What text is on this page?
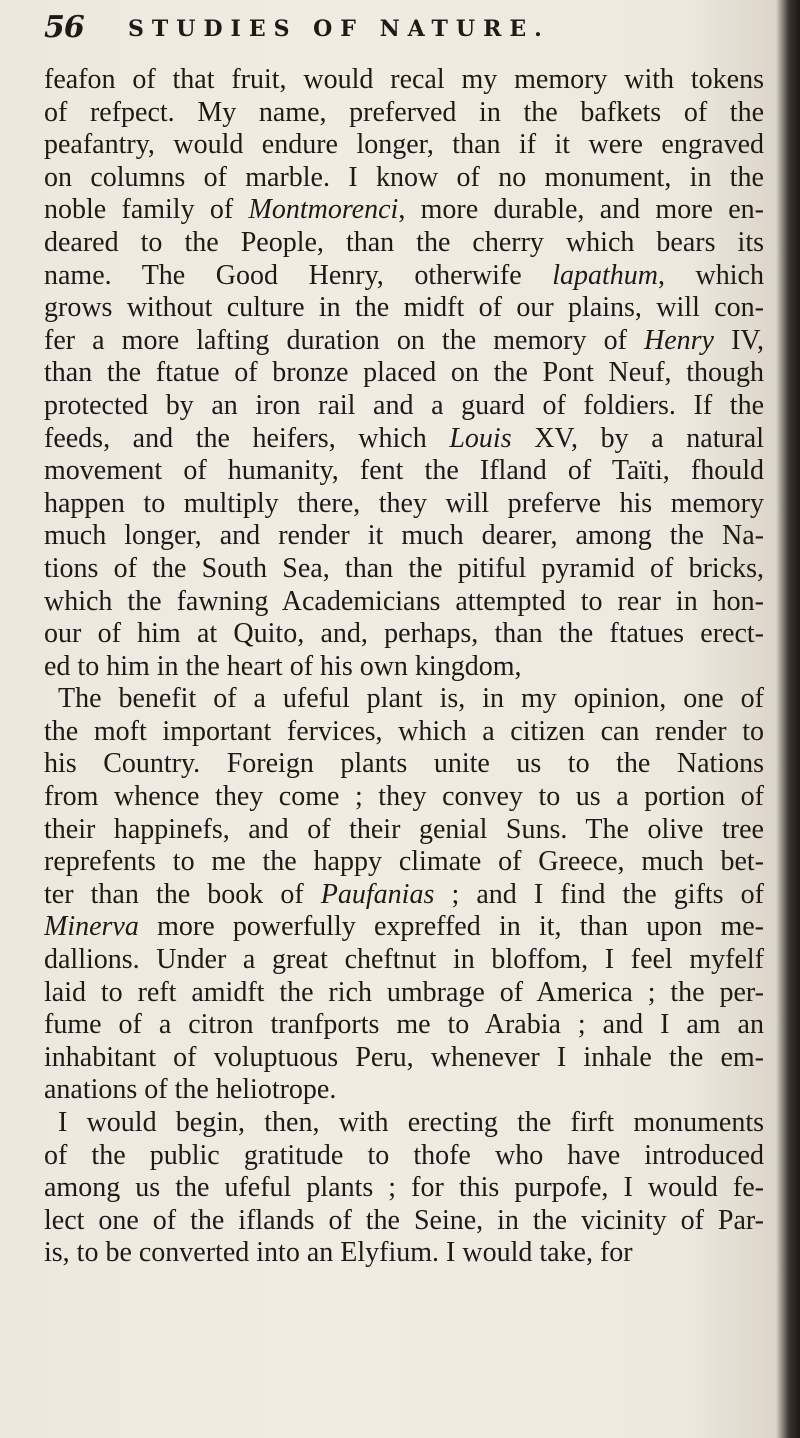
56 STUDIES OF NATURE.
feafon of that fruit, would recal my memory with tokens
of refpect. My name, preferved in the bafkets of the
peafantry, would endure longer, than if it were engraved
on columns of marble. I know of no monument, in the
noble family of Montmorenci, more durable, and more en-
deared to the People, than the cherry which bears its
name. The Good Henry, otherwife lapathum, which
grows without culture in the midft of our plains, will con-
fer a more lafting duration on the memory of Henry IV,
than the ftatue of bronze placed on the Pont Neuf, though
protected by an iron rail and a guard of foldiers. If the
feeds, and the heifers, which Louis XV, by a natural
movement of humanity, fent the Ifland of Taïti, fhould
happen to multiply there, they will preferve his memory
much longer, and render it much dearer, among the Na-
tions of the South Sea, than the pitiful pyramid of bricks,
which the fawning Academicians attempted to rear in hon-
our of him at Quito, and, perhaps, than the ftatues erect-
ed to him in the heart of his own kingdom,
The benefit of a ufeful plant is, in my opinion, one of
the moft important fervices, which a citizen can render to
his Country. Foreign plants unite us to the Nations
from whence they come ; they convey to us a portion of
their happinefs, and of their genial Suns. The olive tree
reprefents to me the happy climate of Greece, much bet-
ter than the book of Paufanias ; and I find the gifts of
Minerva more powerfully expreffed in it, than upon me-
dallions. Under a great cheftnut in bloffom, I feel myfelf
laid to reft amidft the rich umbrage of America ; the per-
fume of a citron tranfports me to Arabia ; and I am an
inhabitant of voluptuous Peru, whenever I inhale the em-
anations of the heliotrope.
I would begin, then, with erecting the firft monuments
of the public gratitude to thofe who have introduced
among us the ufeful plants ; for this purpofe, I would fe-
lect one of the iflands of the Seine, in the vicinity of Par-
is, to be converted into an Elyfium. I would take, for
